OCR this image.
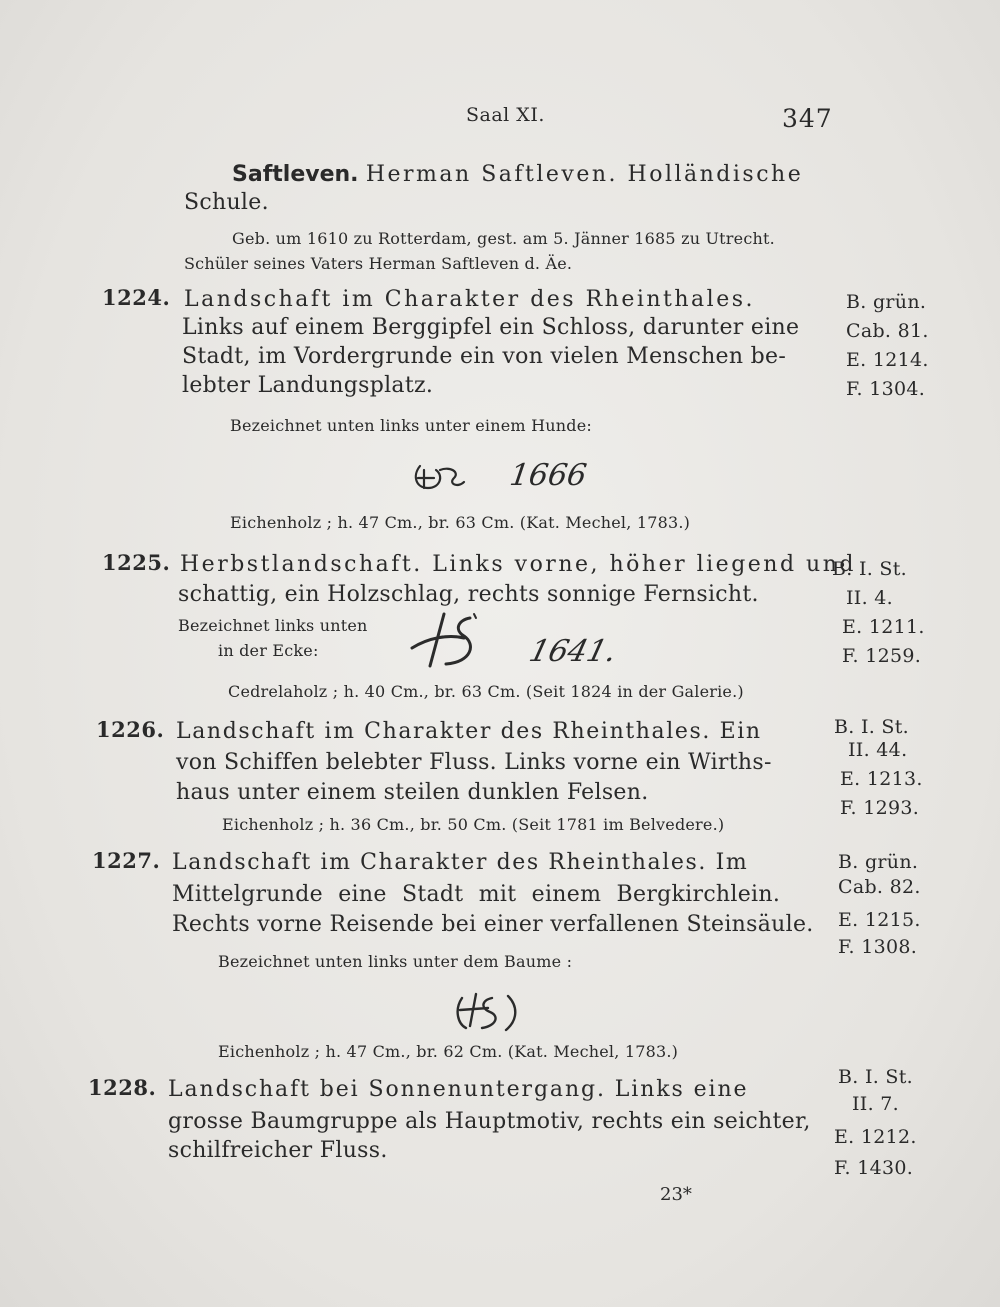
Saal XI.	347
Saftleven. Herman Saftleven. Holländische
Schule.
Geb. um 1610 zu Rotterdam, gest. am 5. Jänner 1685 zu Utrecht.
Schüler seines Vaters Herman Saftleven d. Äe.
1224. Landschaft im Charakter des Rheinthales.
Links auf einem Berggipfel ein Schloss, darunter eine
Stadt, im Vordergrunde ein von vielen Menschen be-
lebter Landungsplatz.
B. grün.
Cab. 81.
E. 1214.
F. 1304.
Bezeichnet unten links unter einem Hunde:
1666
Eichenholz ; h. 47 Cm., br. 63 Cm. (Kat. Mechel, 1783.)
1225. Herbstlandschaft. Links vorne, höher liegend und
schattig, ein Holzschlag, rechts sonnige Fernsicht.
B. I. St.
II. 4.
E. 1211.
F. 1259.
Bezeichnet links unten
in der Ecke:	1641.
Cedrelaholz ; h. 40 Cm., br. 63 Cm. (Seit 1824 in der Galerie.)
1226. Landschaft im Charakter des Rheinthales. Ein
von Schiffen belebter Fluss. Links vorne ein Wirths-
haus unter einem steilen dunklen Felsen.
B. I. St.
II. 44.
E. 1213.
F. 1293.
Eichenholz ; h. 36 Cm., br. 50 Cm. (Seit 1781 im Belvedere.)
1227. Landschaft im Charakter des Rheinthales. Im
Mittelgrunde eine Stadt mit einem Bergkirchlein.
Rechts vorne Reisende bei einer verfallenen Steinsäule.
B. grün.
Cab. 82.
E. 1215.
F. 1308.
Bezeichnet unten links unter dem Baume :
Eichenholz ; h. 47 Cm., br. 62 Cm. (Kat. Mechel, 1783.)
1228. Landschaft bei Sonnenuntergang. Links eine
grosse Baumgruppe als Hauptmotiv, rechts ein seichter,
schilfreicher Fluss.
B. I. St.
II. 7.
E. 1212.
F. 1430.
23*
